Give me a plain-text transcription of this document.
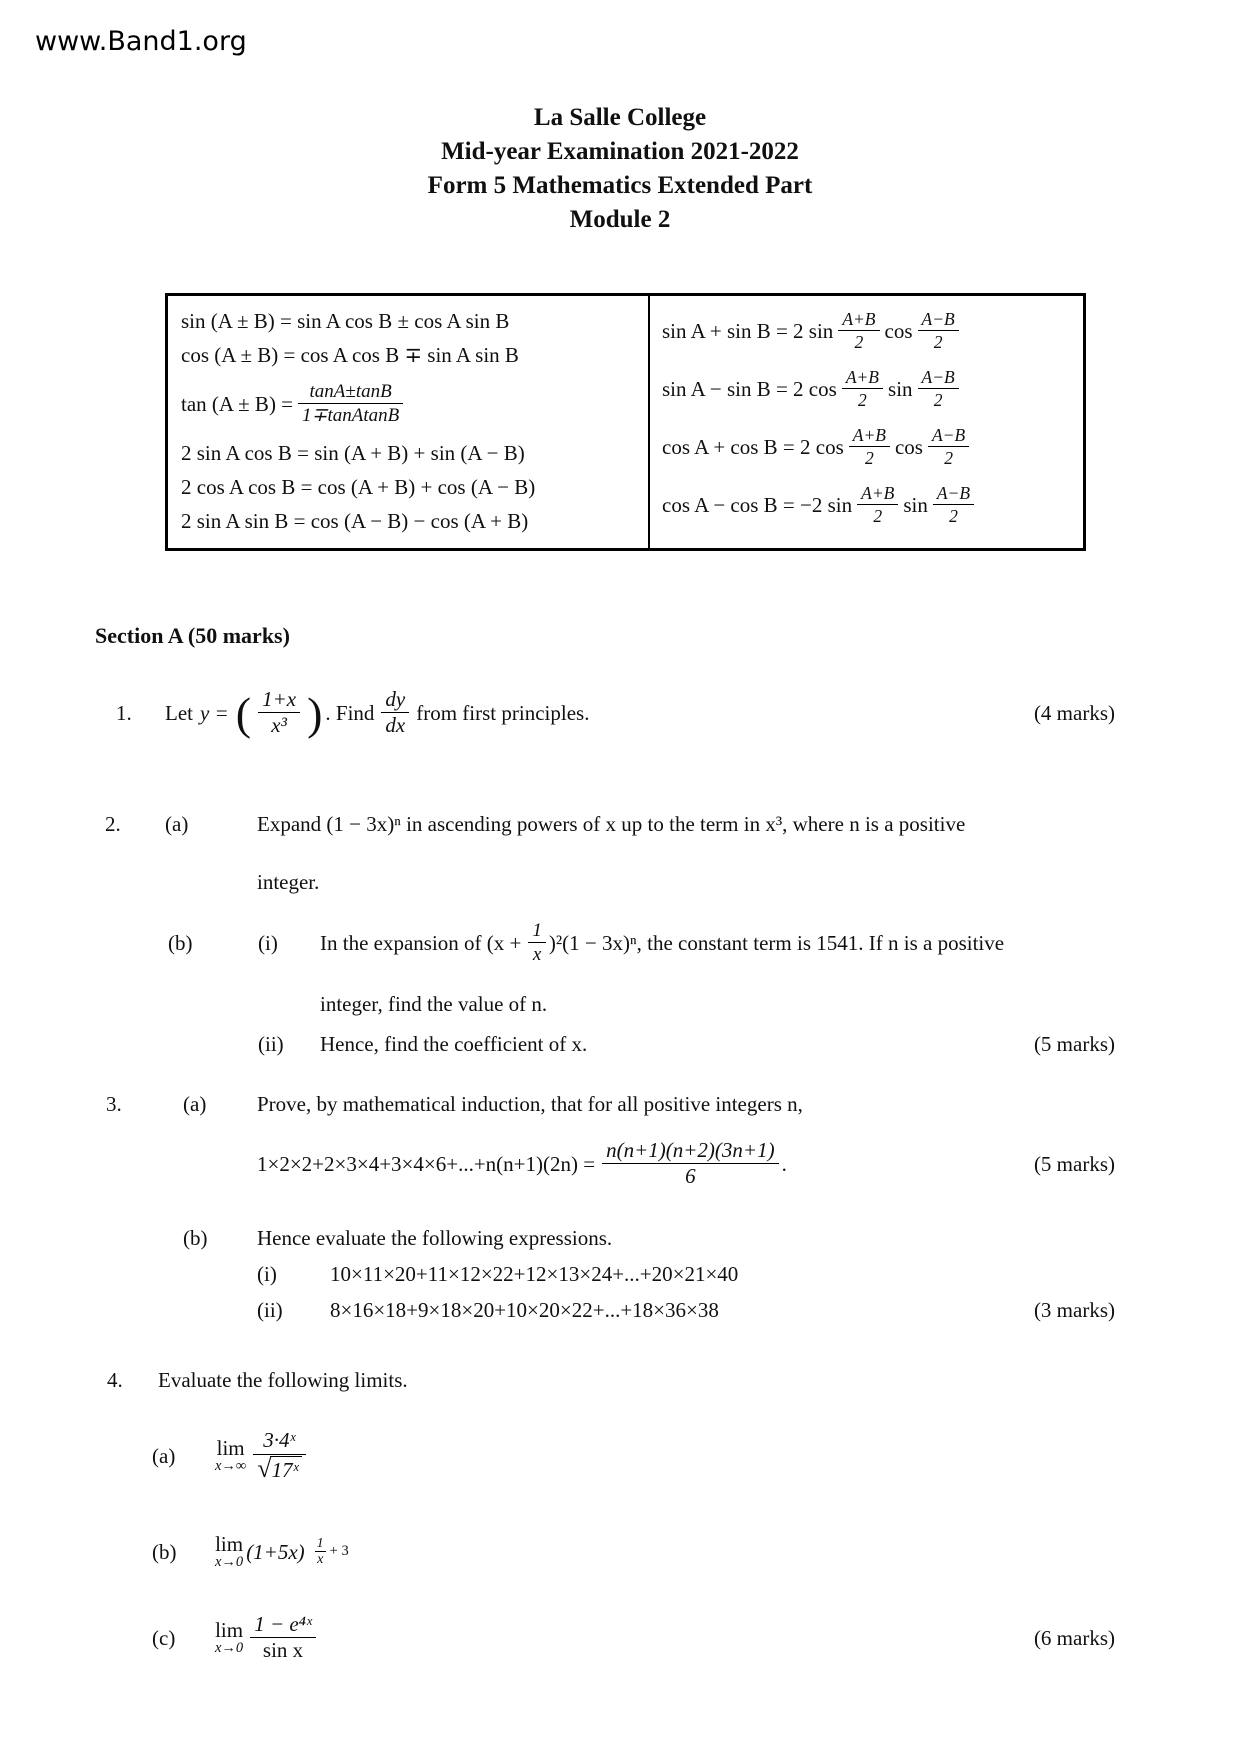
www.Band1.org
La Salle College
Mid-year Examination 2021-2022
Form 5 Mathematics Extended Part
Module 2
sin (A ± B) = sin A cos B ± cos A sin B
cos (A ± B) = cos A cos B ∓ sin A sin B
$\tan (A \pm B) = \frac{\tan A\pm\tan B}{\text{1∓tanAtanB}}$
2 sin A cos B = sin (A + B) + sin (A − B)
2 cos A cos B = cos (A + B) + cos (A − B)
2 sin A sin B = cos (A − B) − cos (A + B)
sin A + sin B = 2 $\sin \frac{A+B}{2}$ $\cos \frac{A-B}{2}$
sin A − sin B = 2 $\cos \frac{A+B}{2}$ $\sin \frac{A-B}{2}$
cos A + cos B = 2 $\cos \frac{A+B}{2}$ $\cos \frac{A-B}{2}$
cos A − cos B = −2 $\sin \frac{A+B}{2}$ $\sin \frac{A-B}{2}$
Section A (50 marks)
1.	Let y = ( $\frac{1+x}{\text{x³}}$ ) . Find $\frac{dy}{dx}$ from first principles.	(4 marks)
2.	(a)	Expand (1 − 3x)ⁿ in ascending powers of x up to the term in x³, where n is a positive
integer.
(b)	(i)	In the expansion of $(x + \frac{1}{x} )^2(1 - 3x)^n$, the constant term is 1541. If n is a positive
integer, find the value of n.
(ii)	Hence, find the coefficient of x.	(5 marks)
3.	(a)	Prove, by mathematical induction, that for all positive integers n,
$1\times 2\times 2+2\times 3\times 4+3\times 4\times 6+...+n(n+1)(2n) = \frac{n(n+1)(n+2)(3n+1)}{6}$ .	(5 marks)
(b)	Hence evaluate the following expressions.
(i)	10×11×20+11×12×22+12×13×24+...+20×21×40
(ii)	8×16×18+9×18×20+10×20×22+...+18×36×38	(3 marks)
4.	Evaluate the following limits.
(a)	lim
$x\to\infty \frac{\text{3·4ˣ}}{\text{√ 17ˣ}}$
(b)	lim
x→0 $(1+5x) \frac{1}{x} + 3$
(c)	lim
$x\to 0 \frac{\text{1 − e⁴ˣ}}{\text{sin x}}$	(6 marks)
